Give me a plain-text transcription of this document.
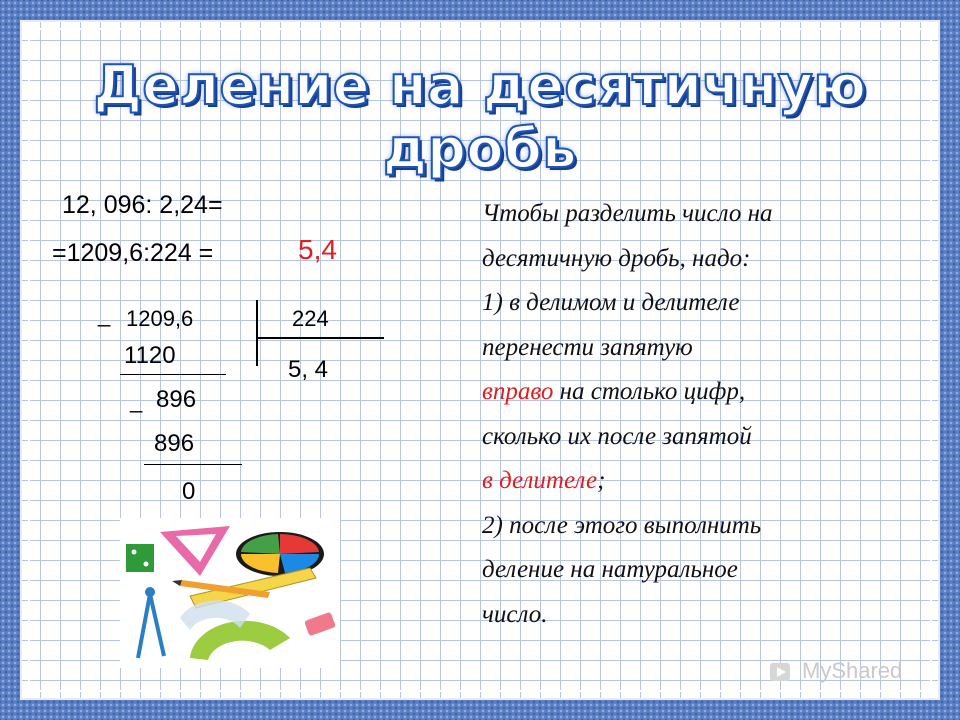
Деление на десятичную дробь
12, 096: 2,24=
=1209,6:224 =	5,4
_ 1209,6	224
5, 4
1120
_ 896
896
0
Чтобы разделить число на
десятичную дробь, надо:
1) в делимом и делителе
перенести запятую
вправо на столько цифр,
сколько их после запятой
в делителе;
2) после этого выполнить
деление на натуральное
число.
MyShared
